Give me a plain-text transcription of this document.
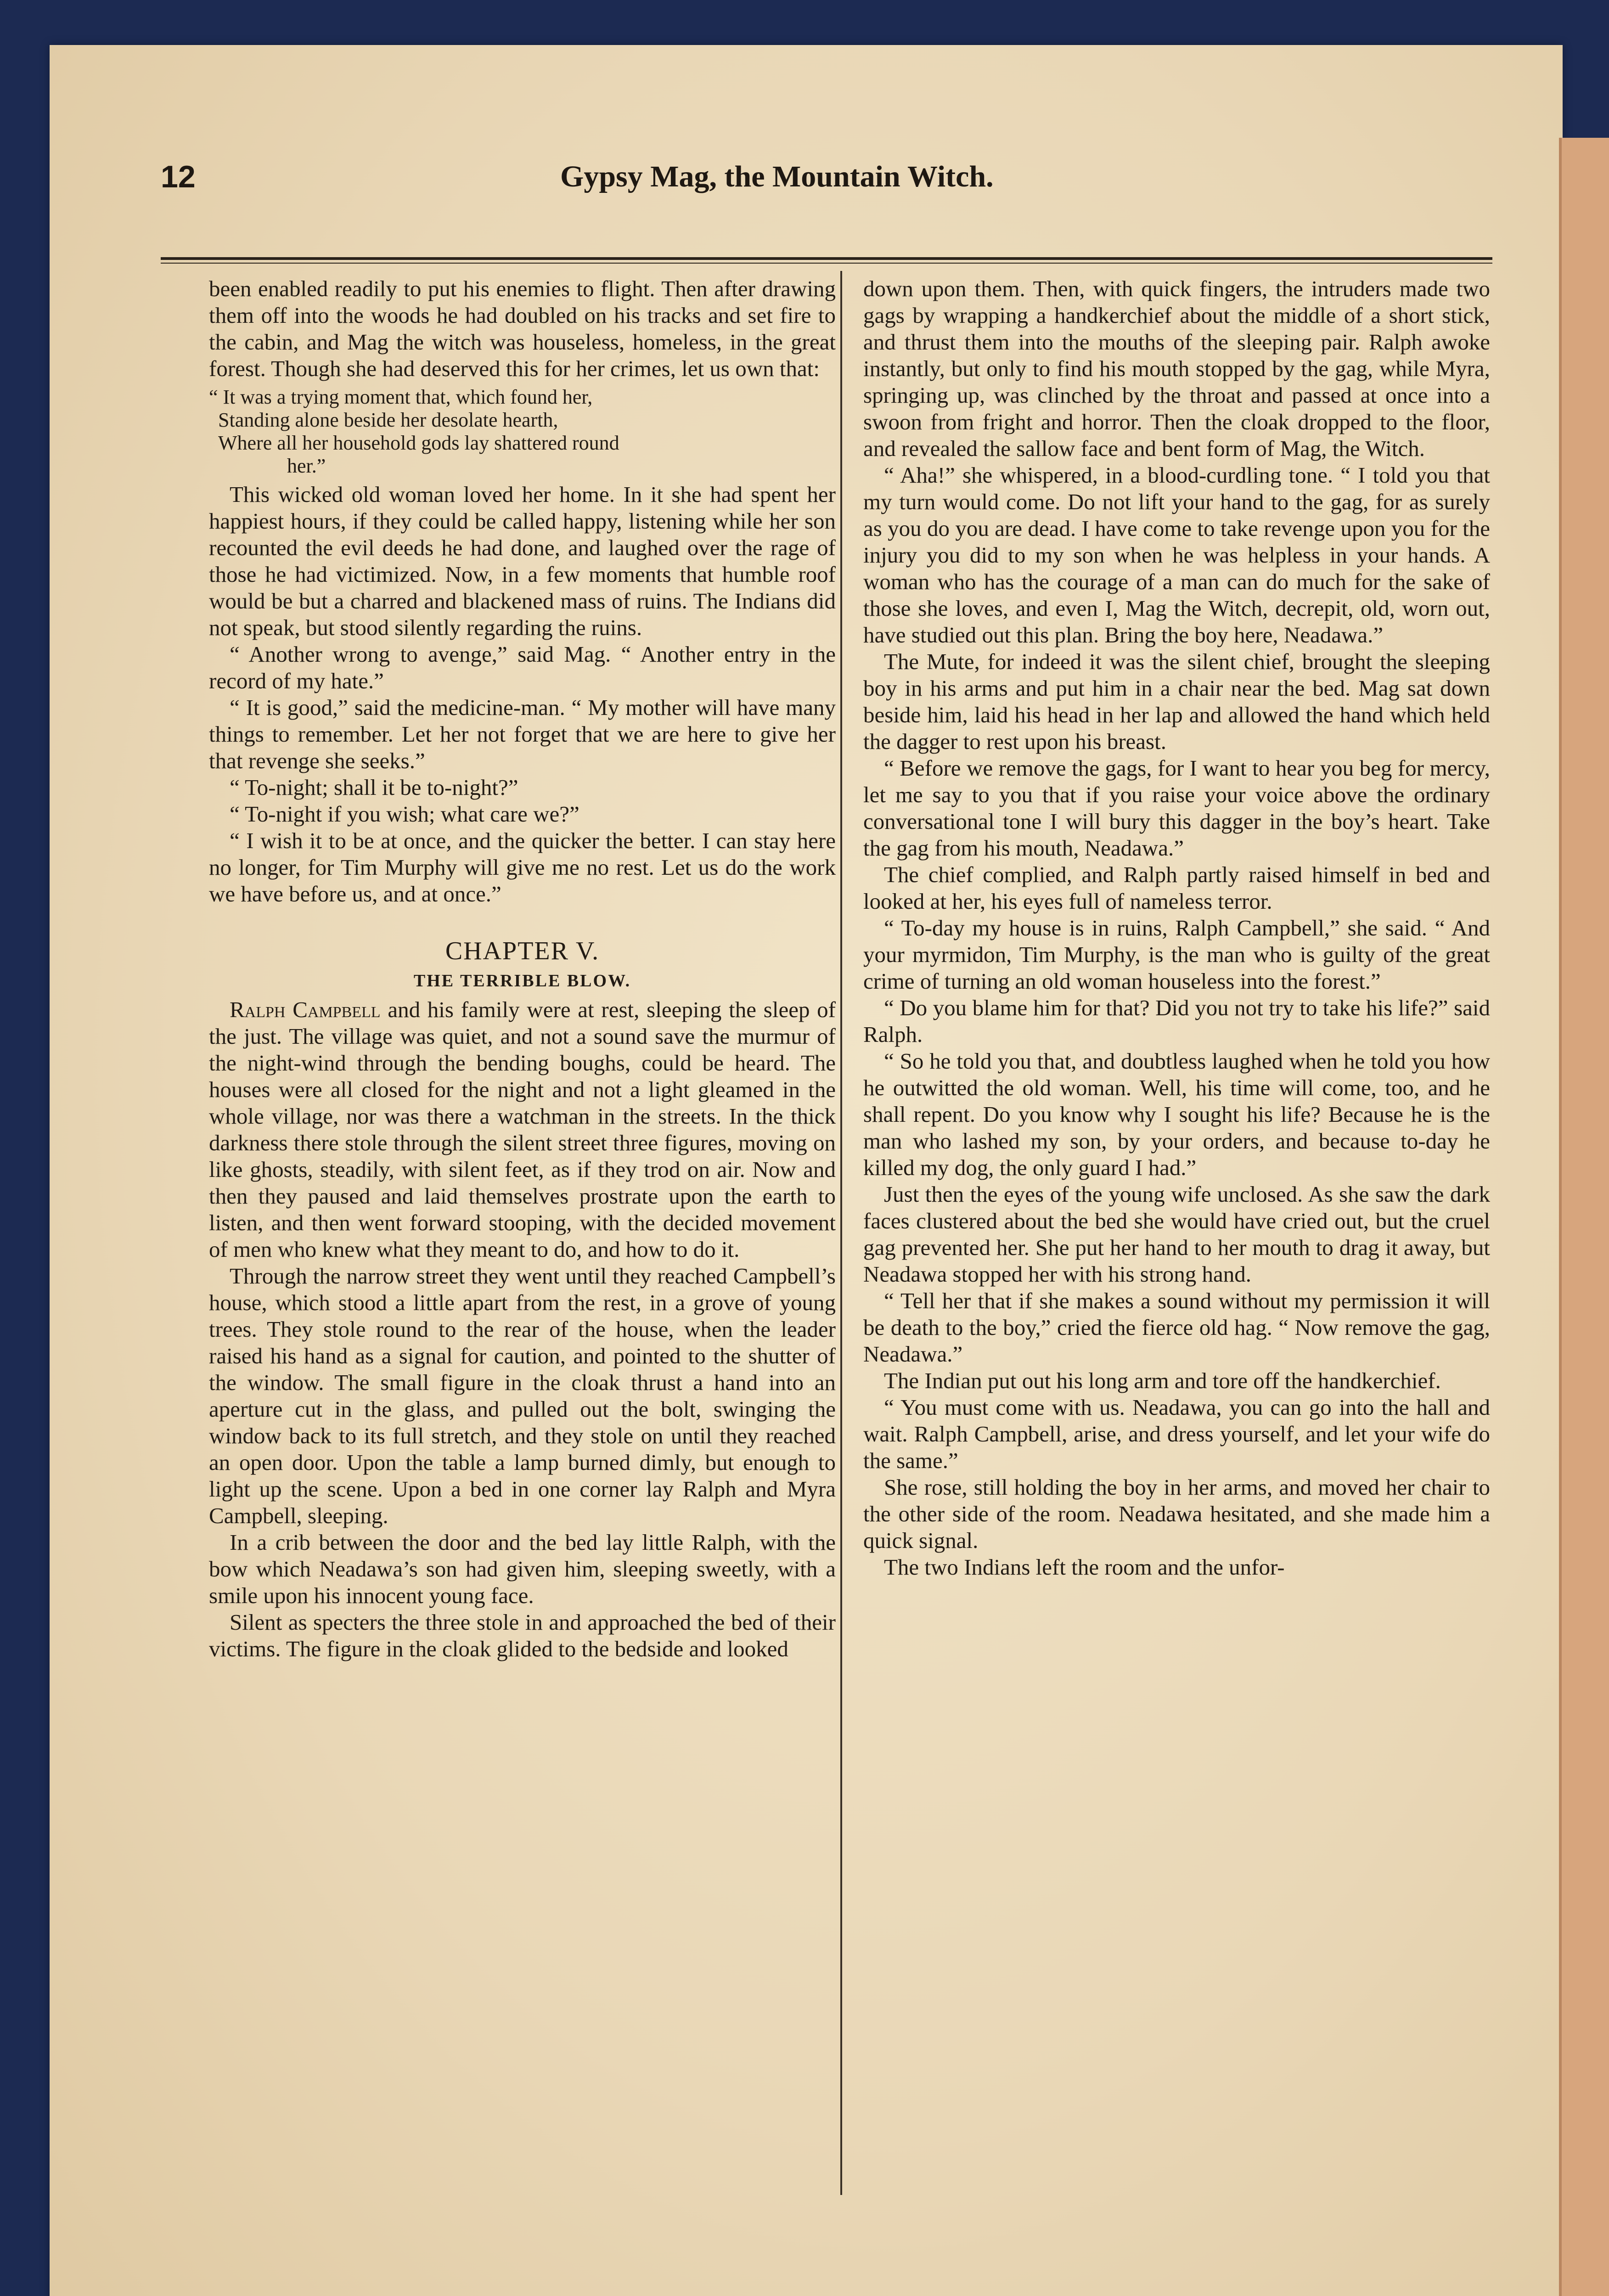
12	Gypsy Mag, the Mountain Witch.

been enabled readily to put his enemies to flight. Then after drawing them off into the woods he had doubled on his tracks and set fire to the cabin, and Mag the witch was houseless, homeless, in the great forest. Though she had deserved this for her crimes, let us own that:

“ It was a trying moment that, which found her,
Standing alone beside her desolate hearth,
Where all her household gods lay shattered round
her.”

This wicked old woman loved her home. In it she had spent her happiest hours, if they could be called happy, listening while her son recounted the evil deeds he had done, and laughed over the rage of those he had victimized. Now, in a few moments that humble roof would be but a charred and blackened mass of ruins. The Indians did not speak, but stood silently regarding the ruins.

“ Another wrong to avenge,” said Mag. “ Another entry in the record of my hate.”

“ It is good,” said the medicine-man. “ My mother will have many things to remember. Let her not forget that we are here to give her that revenge she seeks.”

“ To-night; shall it be to-night?”

“ To-night if you wish; what care we?”

“ I wish it to be at once, and the quicker the better. I can stay here no longer, for Tim Murphy will give me no rest. Let us do the work we have before us, and at once.”

CHAPTER V.
THE TERRIBLE BLOW.

Ralph Campbell and his family were at rest, sleeping the sleep of the just. The village was quiet, and not a sound save the murmur of the night-wind through the bending boughs, could be heard. The houses were all closed for the night and not a light gleamed in the whole village, nor was there a watchman in the streets. In the thick darkness there stole through the silent street three figures, moving on like ghosts, steadily, with silent feet, as if they trod on air. Now and then they paused and laid themselves prostrate upon the earth to listen, and then went forward stooping, with the decided movement of men who knew what they meant to do, and how to do it.

Through the narrow street they went until they reached Campbell’s house, which stood a little apart from the rest, in a grove of young trees. They stole round to the rear of the house, when the leader raised his hand as a signal for caution, and pointed to the shutter of the window. The small figure in the cloak thrust a hand into an aperture cut in the glass, and pulled out the bolt, swinging the window back to its full stretch, and they stole on until they reached an open door. Upon the table a lamp burned dimly, but enough to light up the scene. Upon a bed in one corner lay Ralph and Myra Campbell, sleeping.

In a crib between the door and the bed lay little Ralph, with the bow which Neadawa’s son had given him, sleeping sweetly, with a smile upon his innocent young face.

Silent as specters the three stole in and approached the bed of their victims. The figure in the cloak glided to the bedside and looked

down upon them. Then, with quick fingers, the intruders made two gags by wrapping a handkerchief about the middle of a short stick, and thrust them into the mouths of the sleeping pair. Ralph awoke instantly, but only to find his mouth stopped by the gag, while Myra, springing up, was clinched by the throat and passed at once into a swoon from fright and horror. Then the cloak dropped to the floor, and revealed the sallow face and bent form of Mag, the Witch.

“ Aha!” she whispered, in a blood-curdling tone. “ I told you that my turn would come. Do not lift your hand to the gag, for as surely as you do you are dead. I have come to take revenge upon you for the injury you did to my son when he was helpless in your hands. A woman who has the courage of a man can do much for the sake of those she loves, and even I, Mag the Witch, decrepit, old, worn out, have studied out this plan. Bring the boy here, Neadawa.”

The Mute, for indeed it was the silent chief, brought the sleeping boy in his arms and put him in a chair near the bed. Mag sat down beside him, laid his head in her lap and allowed the hand which held the dagger to rest upon his breast.

“ Before we remove the gags, for I want to hear you beg for mercy, let me say to you that if you raise your voice above the ordinary conversational tone I will bury this dagger in the boy’s heart. Take the gag from his mouth, Neadawa.”

The chief complied, and Ralph partly raised himself in bed and looked at her, his eyes full of nameless terror.

“ To-day my house is in ruins, Ralph Campbell,” she said. “ And your myrmidon, Tim Murphy, is the man who is guilty of the great crime of turning an old woman houseless into the forest.”

“ Do you blame him for that? Did you not try to take his life?” said Ralph.

“ So he told you that, and doubtless laughed when he told you how he outwitted the old woman. Well, his time will come, too, and he shall repent. Do you know why I sought his life? Because he is the man who lashed my son, by your orders, and because to-day he killed my dog, the only guard I had.”

Just then the eyes of the young wife unclosed. As she saw the dark faces clustered about the bed she would have cried out, but the cruel gag prevented her. She put her hand to her mouth to drag it away, but Neadawa stopped her with his strong hand.

“ Tell her that if she makes a sound without my permission it will be death to the boy,” cried the fierce old hag. “ Now remove the gag, Neadawa.”

The Indian put out his long arm and tore off the handkerchief.

“ You must come with us. Neadawa, you can go into the hall and wait. Ralph Campbell, arise, and dress yourself, and let your wife do the same.”

She rose, still holding the boy in her arms, and moved her chair to the other side of the room. Neadawa hesitated, and she made him a quick signal.

The two Indians left the room and the unfor-
